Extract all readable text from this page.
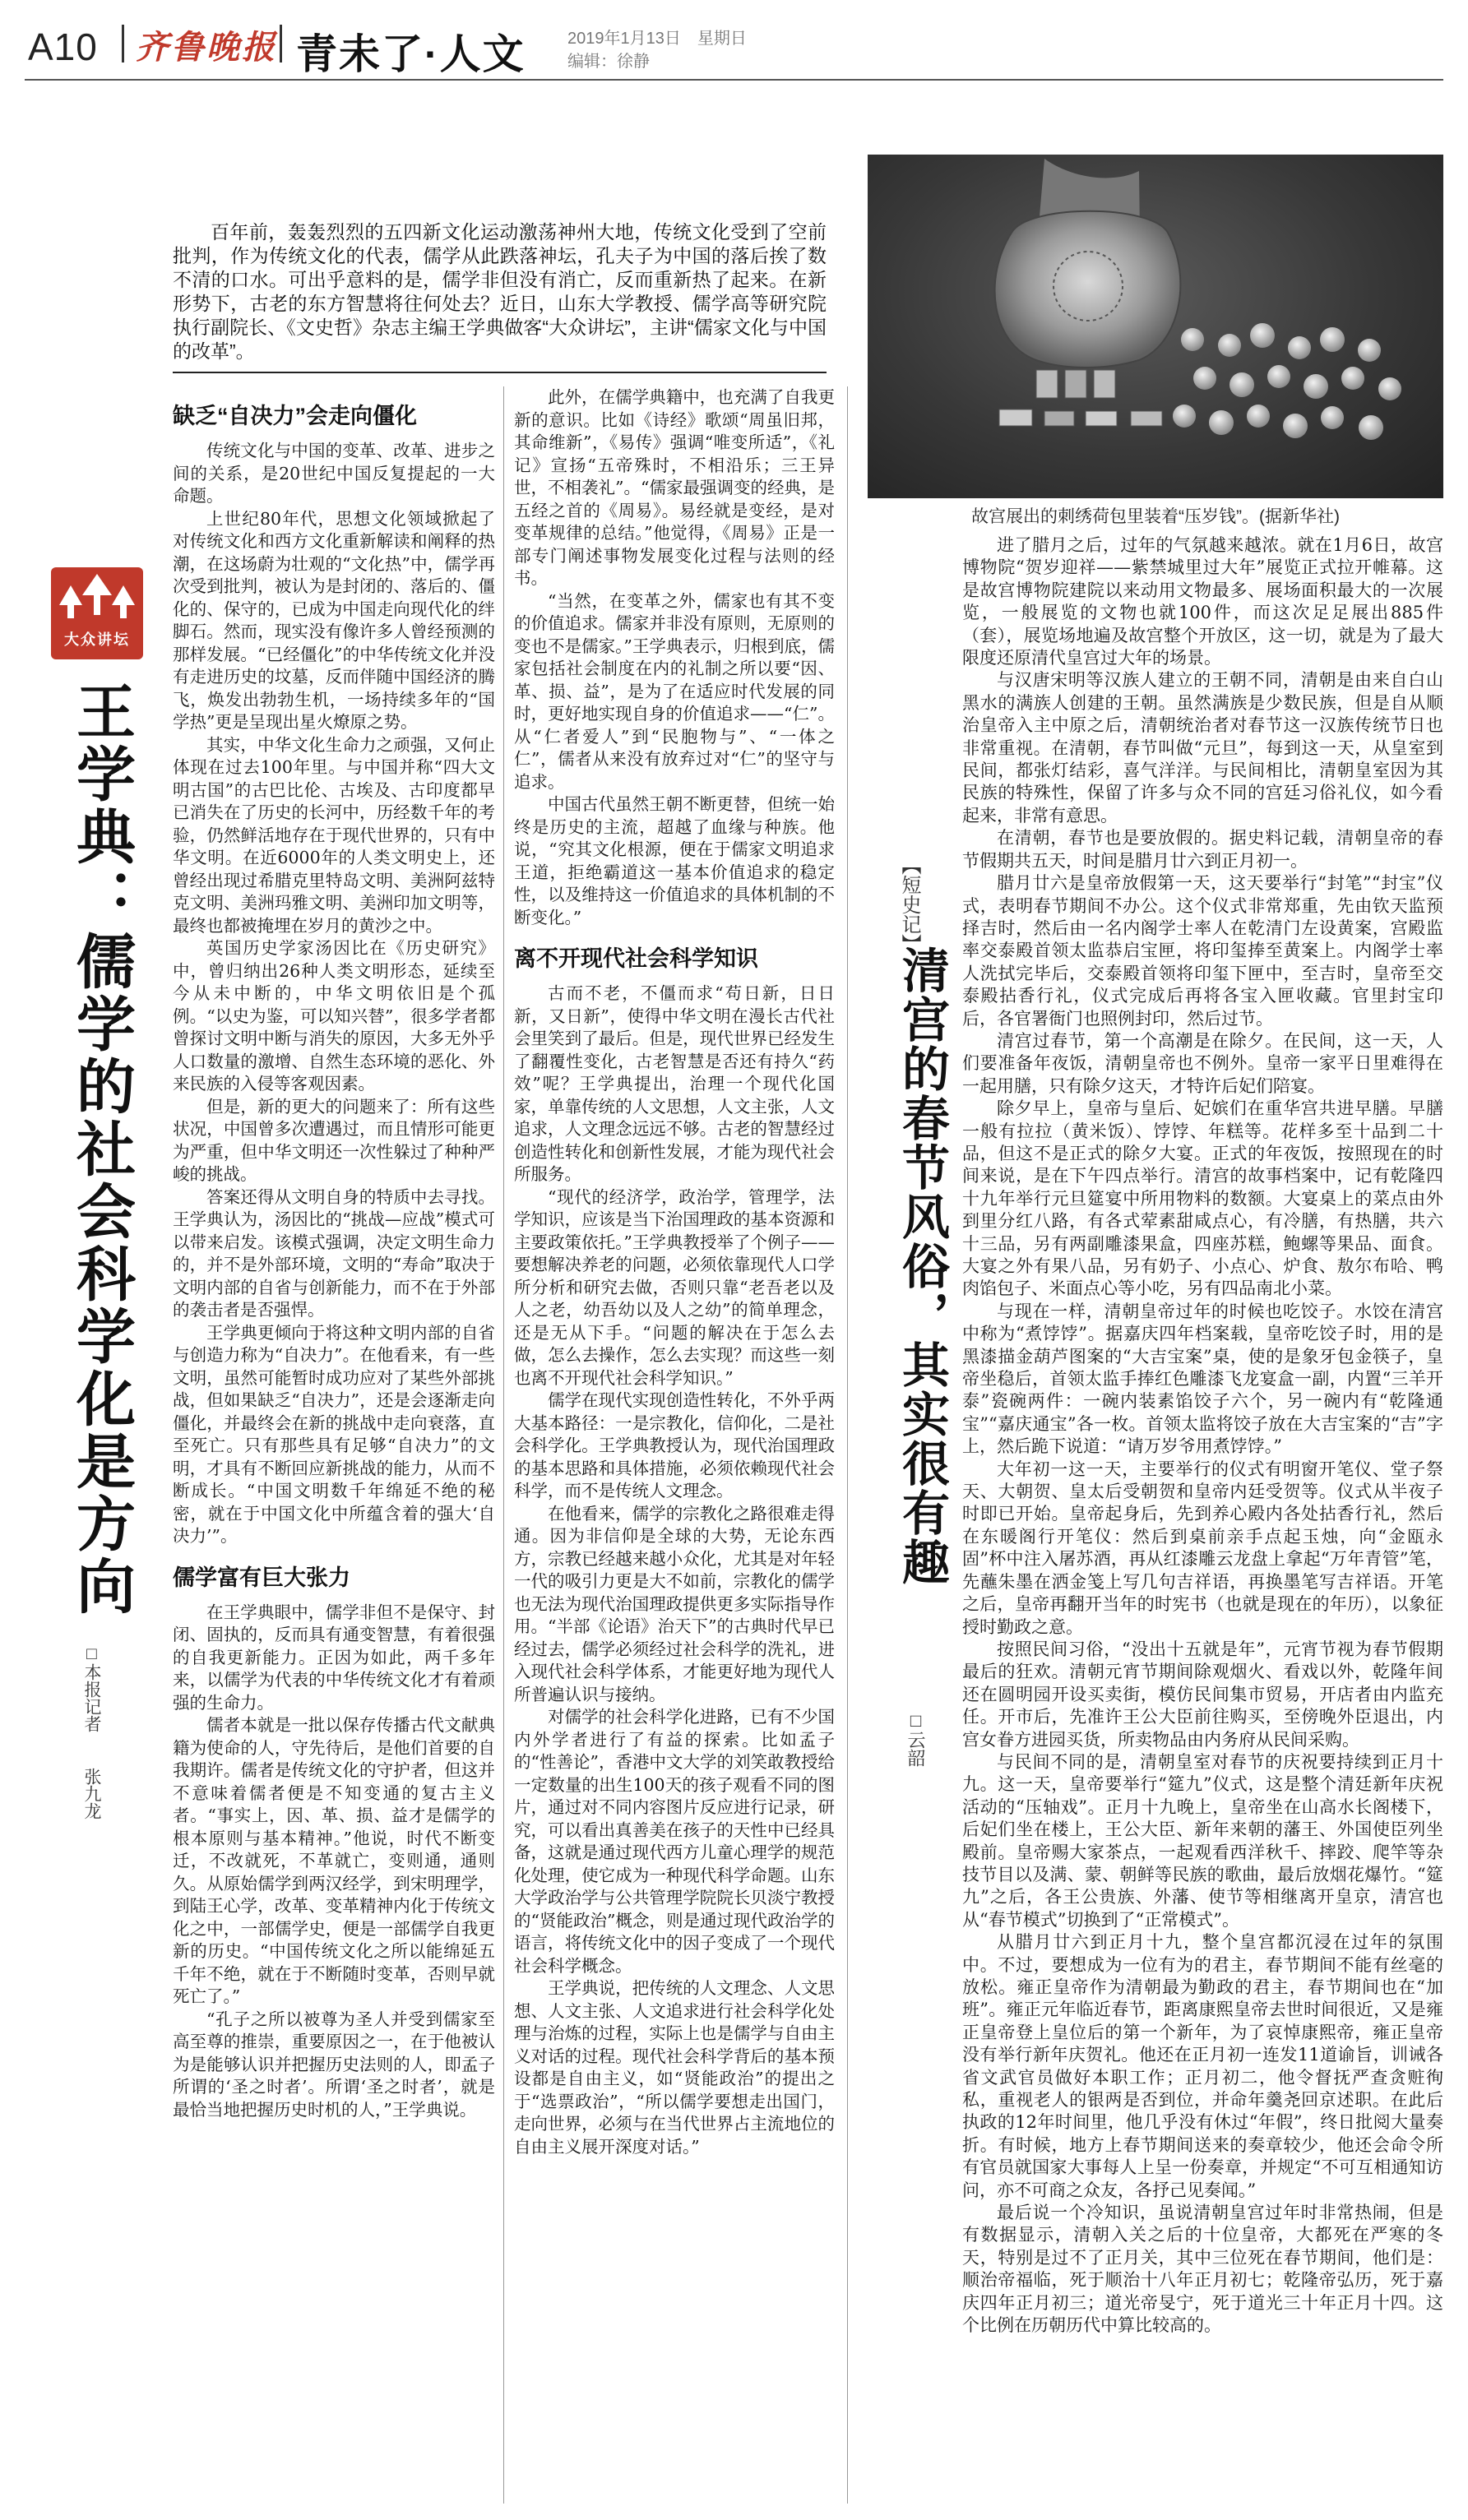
A10 齐鲁晚报 青未了·人文	2019年1月13日　星期日
编辑：徐静
故宫展出的刺绣荷包里装着“压岁钱”。(据新华社)
百年前，轰轰烈烈的五四新文化运动激荡神州大地，传统文化受到了空前批判，作为传统文化的代表，儒学从此跌落神坛，孔夫子为中国的落后挨了数不清的口水。可出乎意料的是，儒学非但没有消亡，反而重新热了起来。在新形势下，古老的东方智慧将往何处去？近日，山东大学教授、儒学高等研究院执行副院长、《文史哲》杂志主编王学典做客“大众讲坛”，主讲“儒家文化与中国的改革”。
大众讲坛
王学典：儒学的社会科学化是方向
□本报记者
张九龙
缺乏“自决力”会走向僵化

传统文化与中国的变革、改革、进步之间的关系，是20世纪中国反复提起的一大命题。

上世纪80年代，思想文化领域掀起了对传统文化和西方文化重新解读和阐释的热潮，在这场蔚为壮观的“文化热”中，儒学再次受到批判，被认为是封闭的、落后的、僵化的、保守的，已成为中国走向现代化的绊脚石。然而，现实没有像许多人曾经预测的那样发展。“已经僵化”的中华传统文化并没有走进历史的坟墓，反而伴随中国经济的腾飞，焕发出勃勃生机，一场持续多年的“国学热”更是呈现出星火燎原之势。

其实，中华文化生命力之顽强，又何止体现在过去100年里。与中国并称“四大文明古国”的古巴比伦、古埃及、古印度都早已消失在了历史的长河中，历经数千年的考验，仍然鲜活地存在于现代世界的，只有中华文明。在近6000年的人类文明史上，还曾经出现过希腊克里特岛文明、美洲阿兹特克文明、美洲玛雅文明、美洲印加文明等，最终也都被掩埋在岁月的黄沙之中。

英国历史学家汤因比在《历史研究》中，曾归纳出26种人类文明形态，延续至今从未中断的，中华文明依旧是个孤例。“以史为鉴，可以知兴替”，很多学者都曾探讨文明中断与消失的原因，大多无外乎人口数量的激增、自然生态环境的恶化、外来民族的入侵等客观因素。

但是，新的更大的问题来了：所有这些状况，中国曾多次遭遇过，而且情形可能更为严重，但中华文明还一次性躲过了种种严峻的挑战。

答案还得从文明自身的特质中去寻找。王学典认为，汤因比的“挑战—应战”模式可以带来启发。该模式强调，决定文明生命力的，并不是外部环境，文明的“寿命”取决于文明内部的自省与创新能力，而不在于外部的袭击者是否强悍。

王学典更倾向于将这种文明内部的自省与创造力称为“自决力”。在他看来，有一些文明，虽然可能暂时成功应对了某些外部挑战，但如果缺乏“自决力”，还是会逐渐走向僵化，并最终会在新的挑战中走向衰落，直至死亡。只有那些具有足够“自决力”的文明，才具有不断回应新挑战的能力，从而不断成长。“中国文明数千年绵延不绝的秘密，就在于中国文化中所蕴含着的强大‘自决力’”。

儒学富有巨大张力

在王学典眼中，儒学非但不是保守、封闭、固执的，反而具有通变智慧，有着很强的自我更新能力。正因为如此，两千多年来，以儒学为代表的中华传统文化才有着顽强的生命力。

儒者本就是一批以保存传播古代文献典籍为使命的人，守先待后，是他们首要的自我期许。儒者是传统文化的守护者，但这并不意味着儒者便是不知变通的复古主义者。“事实上，因、革、损、益才是儒学的根本原则与基本精神。”他说，时代不断变迁，不改就死，不革就亡，变则通，通则久。从原始儒学到两汉经学，到宋明理学，到陆王心学，改革、变革精神内化于传统文化之中，一部儒学史，便是一部儒学自我更新的历史。“中国传统文化之所以能绵延五千年不绝，就在于不断随时变革，否则早就死亡了。”

“孔子之所以被尊为圣人并受到儒家至高至尊的推崇，重要原因之一，在于他被认为是能够认识并把握历史法则的人，即孟子所谓的‘圣之时者’。所谓‘圣之时者’，就是最恰当地把握历史时机的人，”王学典说。

此外，在儒学典籍中，也充满了自我更新的意识。比如《诗经》歌颂“周虽旧邦，其命维新”，《易传》强调“唯变所适”，《礼记》宣扬“五帝殊时，不相沿乐；三王异世，不相袭礼”。“儒家最强调变的经典，是五经之首的《周易》。易经就是变经，是对变革规律的总结。”他觉得，《周易》正是一部专门阐述事物发展变化过程与法则的经书。

“当然，在变革之外，儒家也有其不变的价值追求。儒家并非没有原则，无原则的变也不是儒家。”王学典表示，归根到底，儒家包括社会制度在内的礼制之所以要“因、革、损、益”，是为了在适应时代发展的同时，更好地实现自身的价值追求——“仁”。从“仁者爱人”到“民胞物与”、“一体之仁”，儒者从来没有放弃过对“仁”的坚守与追求。

中国古代虽然王朝不断更替，但统一始终是历史的主流，超越了血缘与种族。他说，“究其文化根源，便在于儒家文明追求王道，拒绝霸道这一基本价值追求的稳定性，以及维持这一价值追求的具体机制的不断变化。”

离不开现代社会科学知识

古而不老，不僵而求“苟日新，日日新，又日新”，使得中华文明在漫长古代社会里笑到了最后。但是，现代世界已经发生了翻覆性变化，古老智慧是否还有持久“药效”呢？王学典提出，治理一个现代化国家，单靠传统的人文思想，人文主张，人文追求，人文理念远远不够。古老的智慧经过创造性转化和创新性发展，才能为现代社会所服务。

“现代的经济学，政治学，管理学，法学知识，应该是当下治国理政的基本资源和主要政策依托。”王学典教授举了个例子——要想解决养老的问题，必须依靠现代人口学所分析和研究去做，否则只靠“老吾老以及人之老，幼吾幼以及人之幼”的简单理念，还是无从下手。“问题的解决在于怎么去做，怎么去操作，怎么去实现？而这些一刻也离不开现代社会科学知识。”

儒学在现代实现创造性转化，不外乎两大基本路径：一是宗教化，信仰化，二是社会科学化。王学典教授认为，现代治国理政的基本思路和具体措施，必须依赖现代社会科学，而不是传统人文理念。

在他看来，儒学的宗教化之路很难走得通。因为非信仰是全球的大势，无论东西方，宗教已经越来越小众化，尤其是对年轻一代的吸引力更是大不如前，宗教化的儒学也无法为现代治国理政提供更多实际指导作用。“半部《论语》治天下”的古典时代早已经过去，儒学必须经过社会科学的洗礼，进入现代社会科学体系，才能更好地为现代人所普遍认识与接纳。

对儒学的社会科学化进路，已有不少国内外学者进行了有益的探索。比如孟子的“性善论”，香港中文大学的刘笑敢教授给一定数量的出生100天的孩子观看不同的图片，通过对不同内容图片反应进行记录，研究，可以看出真善美在孩子的天性中已经具备，这就是通过现代西方儿童心理学的规范化处理，使它成为一种现代科学命题。山东大学政治学与公共管理学院院长贝淡宁教授的“贤能政治”概念，则是通过现代政治学的语言，将传统文化中的因子变成了一个现代社会科学概念。

王学典说，把传统的人文理念、人文思想、人文主张、人文追求进行社会科学化处理与治炼的过程，实际上也是儒学与自由主义对话的过程。现代社会科学背后的基本预设都是自由主义，如“贤能政治”的提出之于“选票政治”，“所以儒学要想走出国门，走向世界，必须与在当代世界占主流地位的自由主义展开深度对话。”

【短史记】
清宫的春节风俗，其实很有趣
□云韶

进了腊月之后，过年的气氛越来越浓。就在1月6日，故宫博物院“贺岁迎祥——紫禁城里过大年”展览正式拉开帷幕。这是故宫博物院建院以来动用文物最多、展场面积最大的一次展览，一般展览的文物也就100件，而这次足足展出885件（套），展览场地遍及故宫整个开放区，这一切，就是为了最大限度还原清代皇宫过大年的场景。

与汉唐宋明等汉族人建立的王朝不同，清朝是由来自白山黑水的满族人创建的王朝。虽然满族是少数民族，但是自从顺治皇帝入主中原之后，清朝统治者对春节这一汉族传统节日也非常重视。在清朝，春节叫做“元旦”，每到这一天，从皇室到民间，都张灯结彩，喜气洋洋。与民间相比，清朝皇室因为其民族的特殊性，保留了许多与众不同的宫廷习俗礼仪，如今看起来，非常有意思。

在清朝，春节也是要放假的。据史料记载，清朝皇帝的春节假期共五天，时间是腊月廿六到正月初一。

腊月廿六是皇帝放假第一天，这天要举行“封笔”“封宝”仪式，表明春节期间不办公。这个仪式非常郑重，先由钦天监预择吉时，然后由一名内阁学士率人在乾清门左设黄案，宫殿监率交泰殿首领太监恭启宝匣，将印玺捧至黄案上。内阁学士率人洗拭完毕后，交泰殿首领将印玺下匣中，至吉时，皇帝至交泰殿拈香行礼，仪式完成后再将各宝入匣收藏。官里封宝印后，各官署衙门也照例封印，然后过节。

清宫过春节，第一个高潮是在除夕。在民间，这一天，人们要准备年夜饭，清朝皇帝也不例外。皇帝一家平日里难得在一起用膳，只有除夕这天，才特许后妃们陪宴。

除夕早上，皇帝与皇后、妃嫔们在重华宫共进早膳。早膳一般有拉拉（黄米饭）、饽饽、年糕等。花样多至十品到二十品，但这不是正式的除夕大宴。正式的年夜饭，按照现在的时间来说，是在下午四点举行。清宫的故事档案中，记有乾隆四十九年举行元旦筵宴中所用物料的数额。大宴桌上的菜点由外到里分红八路，有各式荤素甜咸点心，有冷膳，有热膳，共六十三品，另有两副雕漆果盒，四座苏糕，鲍螺等果品、面食。大宴之外有果八品，另有奶子、小点心、炉食、敖尔布哈、鸭肉馅包子、米面点心等小吃，另有四品南北小菜。

与现在一样，清朝皇帝过年的时候也吃饺子。水饺在清宫中称为“煮饽饽”。据嘉庆四年档案载，皇帝吃饺子时，用的是黑漆描金葫芦图案的“大吉宝案”桌，使的是象牙包金筷子，皇帝坐稳后，首领太监手捧红色雕漆飞龙宴盒一副，内置“三羊开泰”瓷碗两件：一碗内装素馅饺子六个，另一碗内有“乾隆通宝”“嘉庆通宝”各一枚。首领太监将饺子放在大吉宝案的“吉”字上，然后跪下说道：“请万岁爷用煮饽饽。”

大年初一这一天，主要举行的仪式有明窗开笔仪、堂子祭天、大朝贺、皇太后受朝贺和皇帝内廷受贺等。仪式从半夜子时即已开始。皇帝起身后，先到养心殿内各处拈香行礼，然后在东暖阁行开笔仪：然后到桌前亲手点起玉烛，向“金瓯永固”杯中注入屠苏酒，再从红漆雕云龙盘上拿起“万年青管”笔，先蘸朱墨在洒金笺上写几句吉祥语，再换墨笔写吉祥语。开笔之后，皇帝再翻开当年的时宪书（也就是现在的年历），以象征授时勤政之意。

按照民间习俗，“没出十五就是年”，元宵节视为春节假期最后的狂欢。清朝元宵节期间除观烟火、看戏以外，乾隆年间还在圆明园开设买卖街，模仿民间集市贸易，开店者由内监充任。开市后，先准许王公大臣前往购买，至傍晚外臣退出，内宫女眷方进园买货，所卖物品由内务府从民间采购。

与民间不同的是，清朝皇室对春节的庆祝要持续到正月十九。这一天，皇帝要举行“筵九”仪式，这是整个清廷新年庆祝活动的“压轴戏”。正月十九晚上，皇帝坐在山高水长阁楼下，后妃们坐在楼上，王公大臣、新年来朝的藩王、外国使臣列坐殿前。皇帝赐大家茶点，一起观看西洋秋千、摔跤、爬竿等杂技节目以及满、蒙、朝鲜等民族的歌曲，最后放烟花爆竹。“筵九”之后，各王公贵族、外藩、使节等相继离开皇京，清宫也从“春节模式”切换到了“正常模式”。

从腊月廿六到正月十九，整个皇宫都沉浸在过年的氛围中。不过，要想成为一位有为的君主，春节期间不能有丝毫的放松。雍正皇帝作为清朝最为勤政的君主，春节期间也在“加班”。雍正元年临近春节，距离康熙皇帝去世时间很近，又是雍正皇帝登上皇位后的第一个新年，为了哀悼康熙帝，雍正皇帝没有举行新年庆贺礼。他还在正月初一连发11道谕旨，训诫各省文武官员做好本职工作；正月初二，他令督抚严查贪赃徇私，重视老人的银两是否到位，并命年羹尧回京述职。在此后执政的12年时间里，他几乎没有休过“年假”，终日批阅大量奏折。有时候，地方上春节期间送来的奏章较少，他还会命令所有官员就国家大事每人上呈一份奏章，并规定“不可互相通知访问，亦不可商之众友，各抒己见奏闻。”

最后说一个冷知识，虽说清朝皇宫过年时非常热闹，但是有数据显示，清朝入关之后的十位皇帝，大都死在严寒的冬天，特别是过不了正月关，其中三位死在春节期间，他们是：顺治帝福临，死于顺治十八年正月初七；乾隆帝弘历，死于嘉庆四年正月初三；道光帝旻宁，死于道光三十年正月十四。这个比例在历朝历代中算比较高的。
